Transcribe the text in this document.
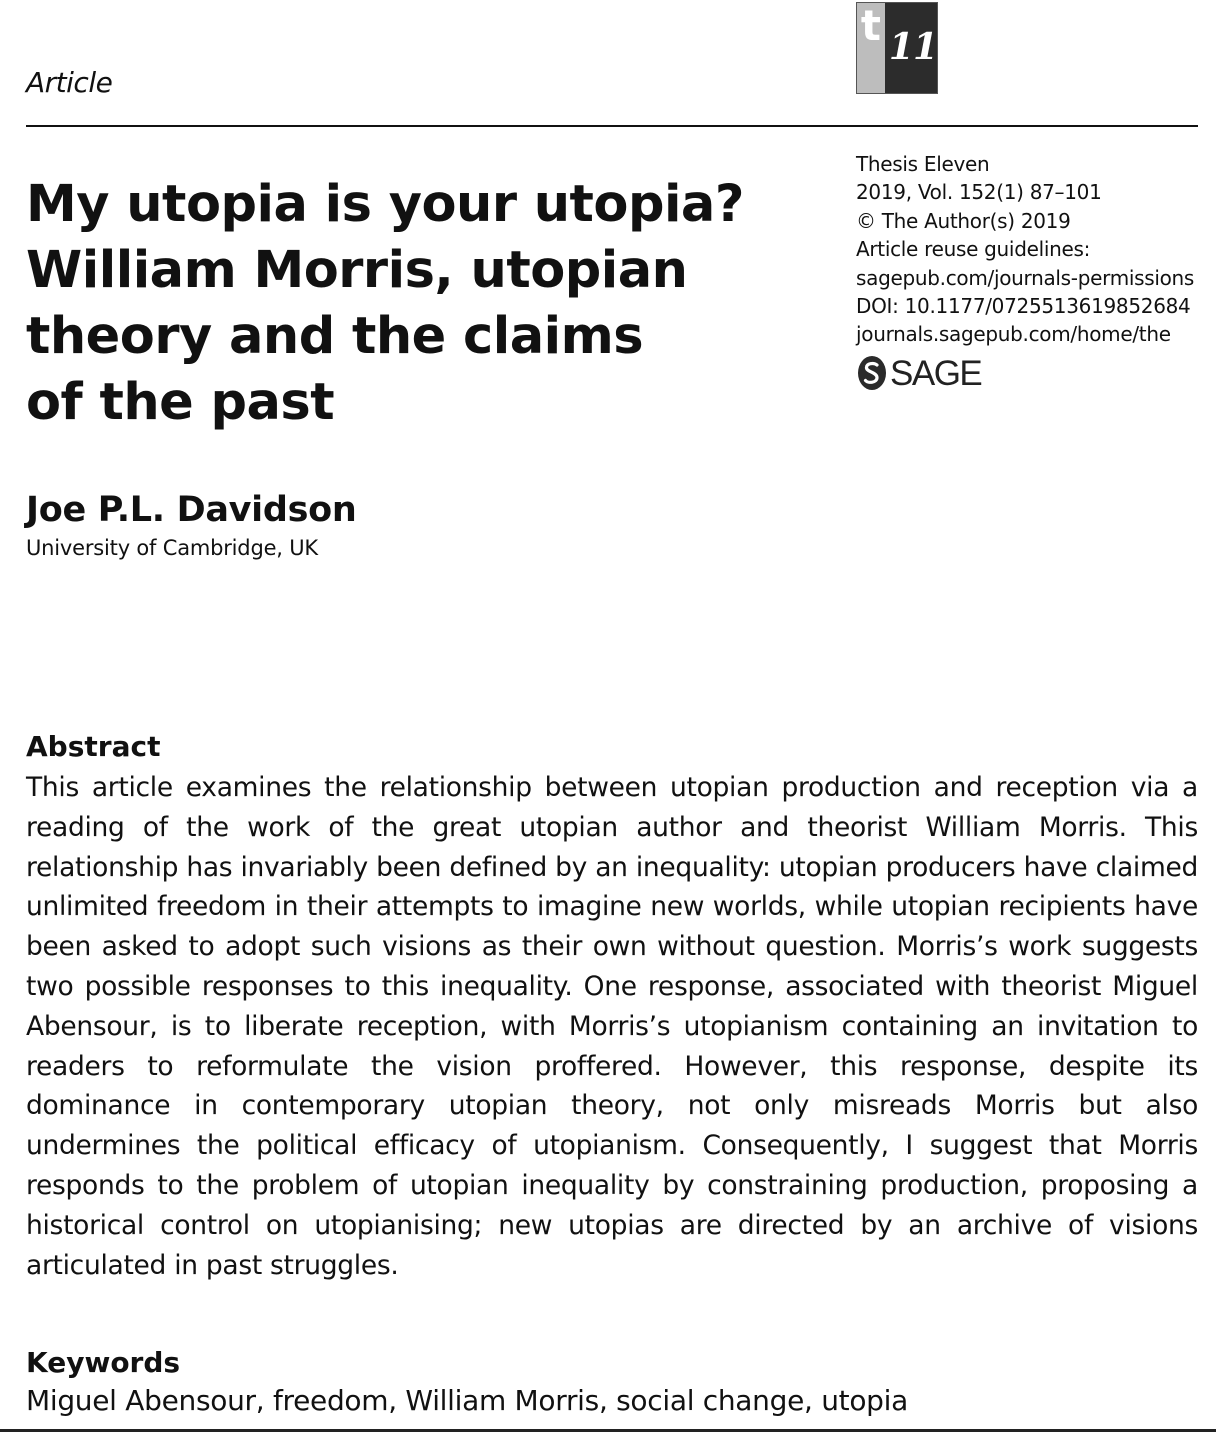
Article
t 11
My utopia is your utopia?
William Morris, utopian
theory and the claims
of the past
Thesis Eleven
2019, Vol. 152(1) 87–101
© The Author(s) 2019
Article reuse guidelines:
sagepub.com/journals-permissions
DOI: 10.1177/0725513619852684
journals.sagepub.com/home/the
SAGE
Joe P.L. Davidson
University of Cambridge, UK
Abstract
This article examines the relationship between utopian production and reception via a reading of the work of the great utopian author and theorist William Morris. This relationship has invariably been defined by an inequality: utopian producers have claimed unlimited freedom in their attempts to imagine new worlds, while utopian recipients have been asked to adopt such visions as their own without question. Morris’s work suggests two possible responses to this inequality. One response, associated with theorist Miguel Abensour, is to liberate reception, with Morris’s utopianism containing an invitation to readers to reformulate the vision proffered. However, this response, despite its dominance in contemporary utopian theory, not only misreads Morris but also undermines the political efficacy of utopianism. Consequently, I suggest that Morris responds to the problem of utopian inequality by constraining production, proposing a historical control on utopianising; new utopias are directed by an archive of visions articulated in past struggles.
Keywords
Miguel Abensour, freedom, William Morris, social change, utopia
